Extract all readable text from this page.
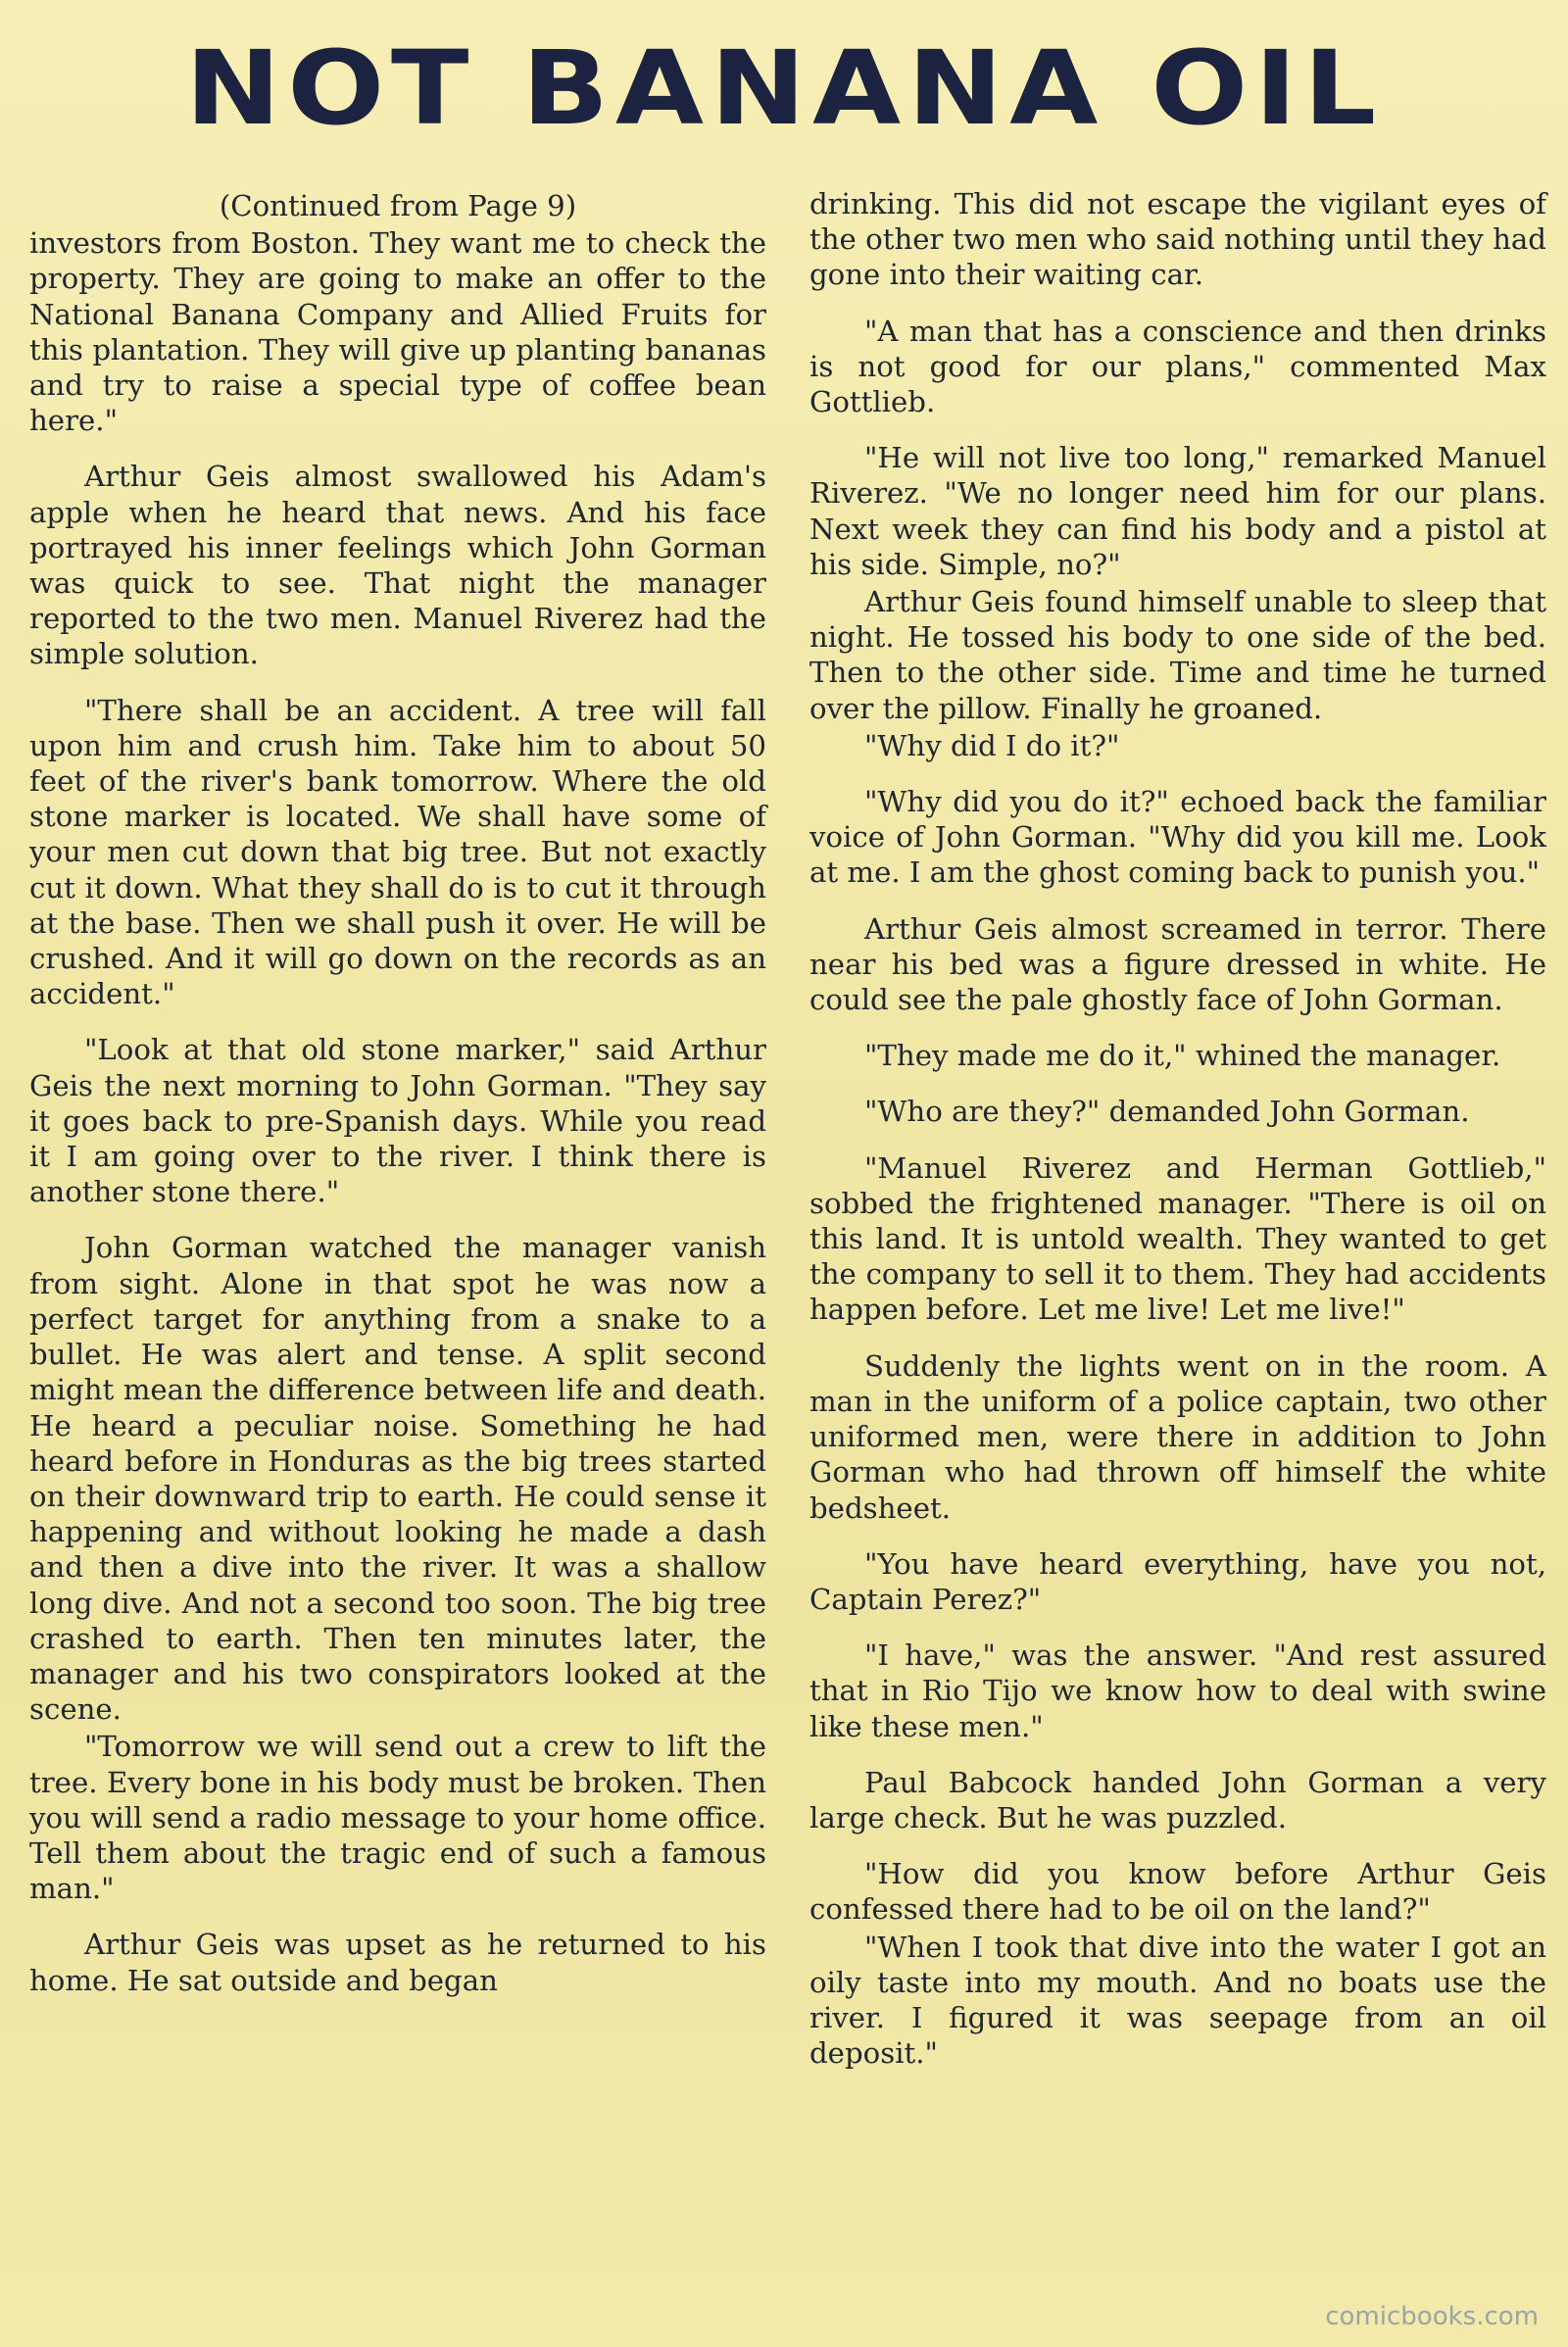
NOT BANANA OIL

(Continued from Page 9)

investors from Boston. They want me to check the property. They are going to make an offer to the National Banana Company and Allied Fruits for this plantation. They will give up planting bananas and try to raise a special type of coffee bean here."

Arthur Geis almost swallowed his Adam's apple when he heard that news. And his face portrayed his inner feelings which John Gorman was quick to see. That night the manager reported to the two men. Manuel Riverez had the simple solution.

"There shall be an accident. A tree will fall upon him and crush him. Take him to about 50 feet of the river's bank tomorrow. Where the old stone marker is located. We shall have some of your men cut down that big tree. But not exactly cut it down. What they shall do is to cut it through at the base. Then we shall push it over. He will be crushed. And it will go down on the records as an accident."

"Look at that old stone marker," said Arthur Geis the next morning to John Gorman. "They say it goes back to pre-Spanish days. While you read it I am going over to the river. I think there is another stone there."

John Gorman watched the manager vanish from sight. Alone in that spot he was now a perfect target for anything from a snake to a bullet. He was alert and tense. A split second might mean the difference between life and death. He heard a peculiar noise. Something he had heard before in Honduras as the big trees started on their downward trip to earth. He could sense it happening and without looking he made a dash and then a dive into the river. It was a shallow long dive. And not a second too soon. The big tree crashed to earth. Then ten minutes later, the manager and his two conspirators looked at the scene.

"Tomorrow we will send out a crew to lift the tree. Every bone in his body must be broken. Then you will send a radio message to your home office. Tell them about the tragic end of such a famous man."

Arthur Geis was upset as he returned to his home. He sat outside and began

drinking. This did not escape the vigilant eyes of the other two men who said nothing until they had gone into their waiting car.

"A man that has a conscience and then drinks is not good for our plans," commented Max Gottlieb.

"He will not live too long," remarked Manuel Riverez. "We no longer need him for our plans. Next week they can find his body and a pistol at his side. Simple, no?"

Arthur Geis found himself unable to sleep that night. He tossed his body to one side of the bed. Then to the other side. Time and time he turned over the pillow. Finally he groaned.

"Why did I do it?"

"Why did you do it?" echoed back the familiar voice of John Gorman. "Why did you kill me. Look at me. I am the ghost coming back to punish you."

Arthur Geis almost screamed in terror. There near his bed was a figure dressed in white. He could see the pale ghostly face of John Gorman.

"They made me do it," whined the manager.

"Who are they?" demanded John Gorman.

"Manuel Riverez and Herman Gottlieb," sobbed the frightened manager. "There is oil on this land. It is untold wealth. They wanted to get the company to sell it to them. They had accidents happen before. Let me live! Let me live!"

Suddenly the lights went on in the room. A man in the uniform of a police captain, two other uniformed men, were there in addition to John Gorman who had thrown off himself the white bedsheet.

"You have heard everything, have you not, Captain Perez?"

"I have," was the answer. "And rest assured that in Rio Tijo we know how to deal with swine like these men."

Paul Babcock handed John Gorman a very large check. But he was puzzled.

"How did you know before Arthur Geis confessed there had to be oil on the land?"

"When I took that dive into the water I got an oily taste into my mouth. And no boats use the river. I figured it was seepage from an oil deposit."

comicbooks.com
